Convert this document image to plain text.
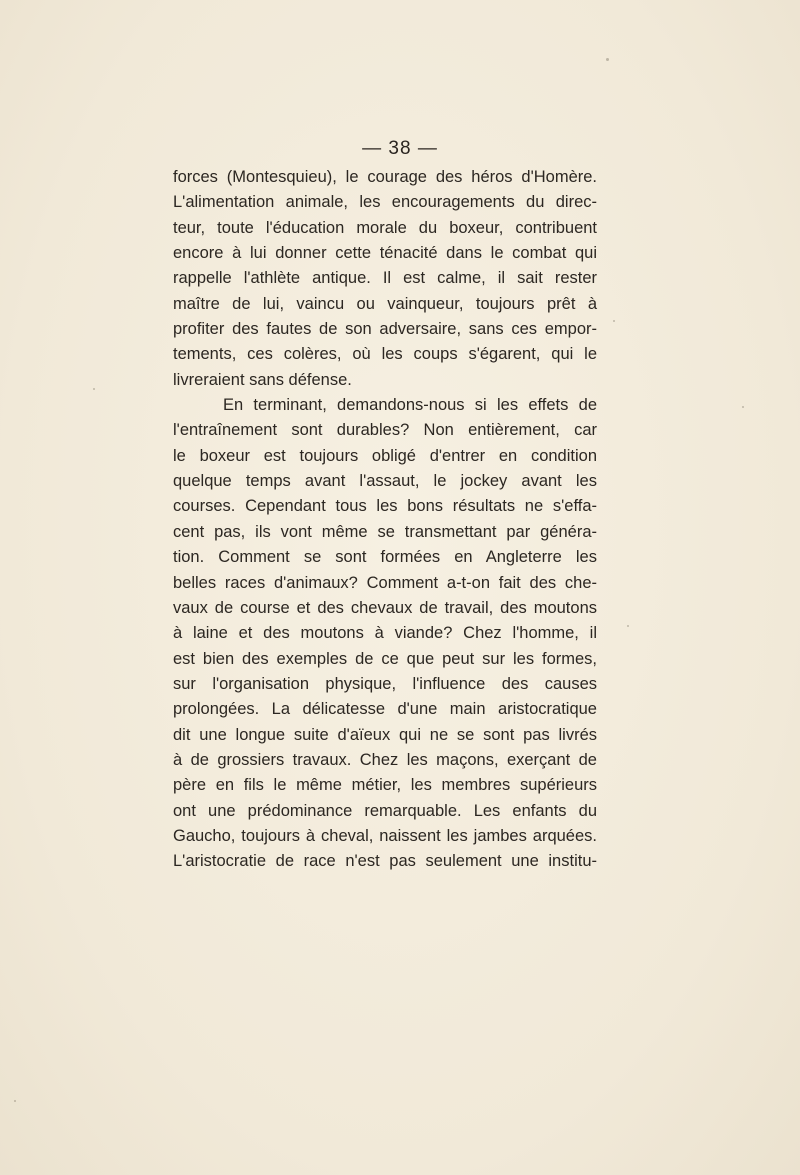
— 38 —
forces (Montesquieu), le courage des héros d'Homère.
L'alimentation animale, les encouragements du direc-
teur, toute l'éducation morale du boxeur, contribuent
encore à lui donner cette ténacité dans le combat qui
rappelle l'athlète antique. Il est calme, il sait rester
maître de lui, vaincu ou vainqueur, toujours prêt à
profiter des fautes de son adversaire, sans ces empor-
tements, ces colères, où les coups s'égarent, qui le
livreraient sans défense.
En terminant, demandons-nous si les effets de
l'entraînement sont durables? Non entièrement, car
le boxeur est toujours obligé d'entrer en condition
quelque temps avant l'assaut, le jockey avant les
courses. Cependant tous les bons résultats ne s'effa-
cent pas, ils vont même se transmettant par généra-
tion. Comment se sont formées en Angleterre les
belles races d'animaux? Comment a-t-on fait des che-
vaux de course et des chevaux de travail, des moutons
à laine et des moutons à viande? Chez l'homme, il
est bien des exemples de ce que peut sur les formes,
sur l'organisation physique, l'influence des causes
prolongées. La délicatesse d'une main aristocratique
dit une longue suite d'aïeux qui ne se sont pas livrés
à de grossiers travaux. Chez les maçons, exerçant de
père en fils le même métier, les membres supérieurs
ont une prédominance remarquable. Les enfants du
Gaucho, toujours à cheval, naissent les jambes arquées.
L'aristocratie de race n'est pas seulement une institu-
